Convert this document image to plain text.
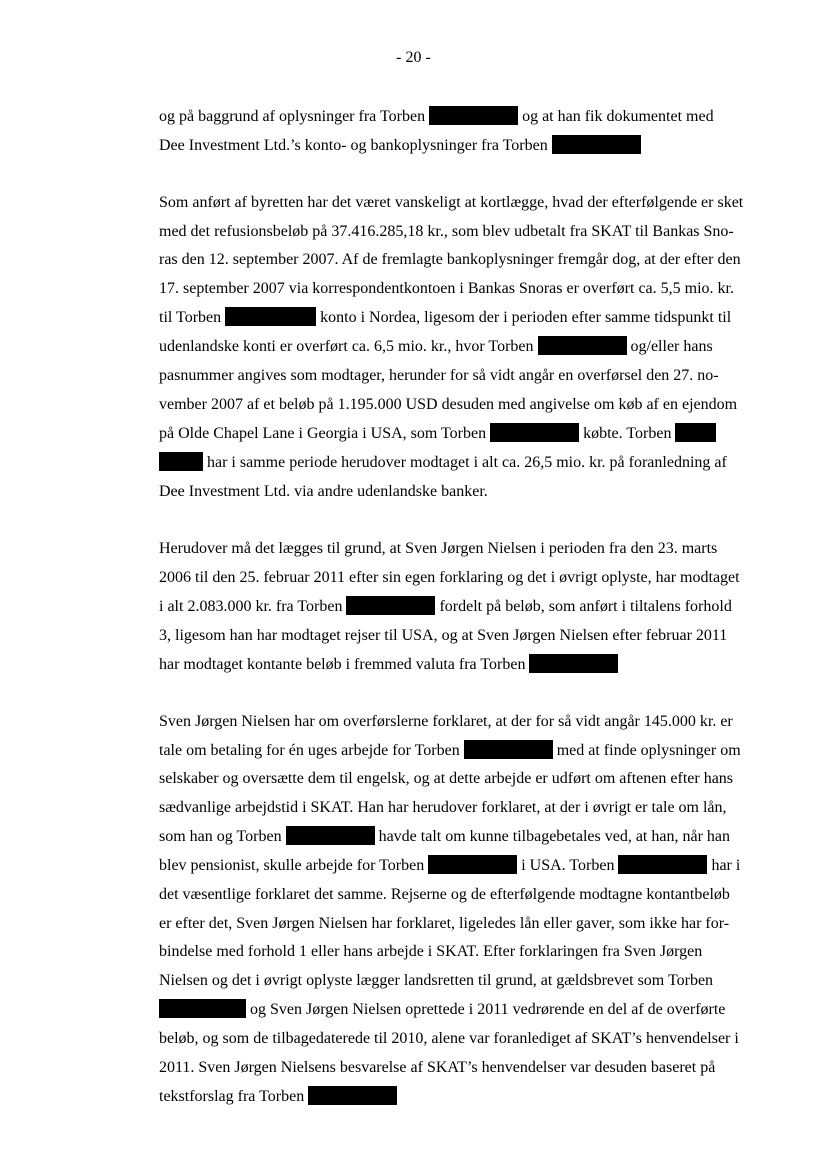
- 20 -
og på baggrund af oplysninger fra Torben	og at han fik dokumentet med
Dee Investment Ltd.’s konto- og bankoplysninger fra Torben
Som anført af byretten har det været vanskeligt at kortlægge, hvad der efterfølgende er sket
med det refusionsbeløb på 37.416.285,18 kr., som blev udbetalt fra SKAT til Bankas Sno-
ras den 12. september 2007. Af de fremlagte bankoplysninger fremgår dog, at der efter den
17. september 2007 via korrespondentkontoen i Bankas Snoras er overført ca. 5,5 mio. kr.
til Torben	konto i Nordea, ligesom der i perioden efter samme tidspunkt til
udenlandske konti er overført ca. 6,5 mio. kr., hvor Torben	og/eller hans
pasnummer angives som modtager, herunder for så vidt angår en overførsel den 27. no-
vember 2007 af et beløb på 1.195.000 USD desuden med angivelse om køb af en ejendom
på Olde Chapel Lane i Georgia i USA, som Torben	købte. Torben
har i samme periode herudover modtaget i alt ca. 26,5 mio. kr. på foranledning af
Dee Investment Ltd. via andre udenlandske banker.
Herudover må det lægges til grund, at Sven Jørgen Nielsen i perioden fra den 23. marts
2006 til den 25. februar 2011 efter sin egen forklaring og det i øvrigt oplyste, har modtaget
i alt 2.083.000 kr. fra Torben	fordelt på beløb, som anført i tiltalens forhold
3, ligesom han har modtaget rejser til USA, og at Sven Jørgen Nielsen efter februar 2011
har modtaget kontante beløb i fremmed valuta fra Torben
Sven Jørgen Nielsen har om overførslerne forklaret, at der for så vidt angår 145.000 kr. er
tale om betaling for én uges arbejde for Torben	med at finde oplysninger om
selskaber og oversætte dem til engelsk, og at dette arbejde er udført om aftenen efter hans
sædvanlige arbejdstid i SKAT. Han har herudover forklaret, at der i øvrigt er tale om lån,
som han og Torben	havde talt om kunne tilbagebetales ved, at han, når han
blev pensionist, skulle arbejde for Torben	i USA. Torben	har i
det væsentlige forklaret det samme. Rejserne og de efterfølgende modtagne kontantbeløb
er efter det, Sven Jørgen Nielsen har forklaret, ligeledes lån eller gaver, som ikke har for-
bindelse med forhold 1 eller hans arbejde i SKAT. Efter forklaringen fra Sven Jørgen
Nielsen og det i øvrigt oplyste lægger landsretten til grund, at gældsbrevet som Torben
og Sven Jørgen Nielsen oprettede i 2011 vedrørende en del af de overførte
beløb, og som de tilbagedaterede til 2010, alene var foranlediget af SKAT’s henvendelser i
2011. Sven Jørgen Nielsens besvarelse af SKAT’s henvendelser var desuden baseret på
tekstforslag fra Torben
